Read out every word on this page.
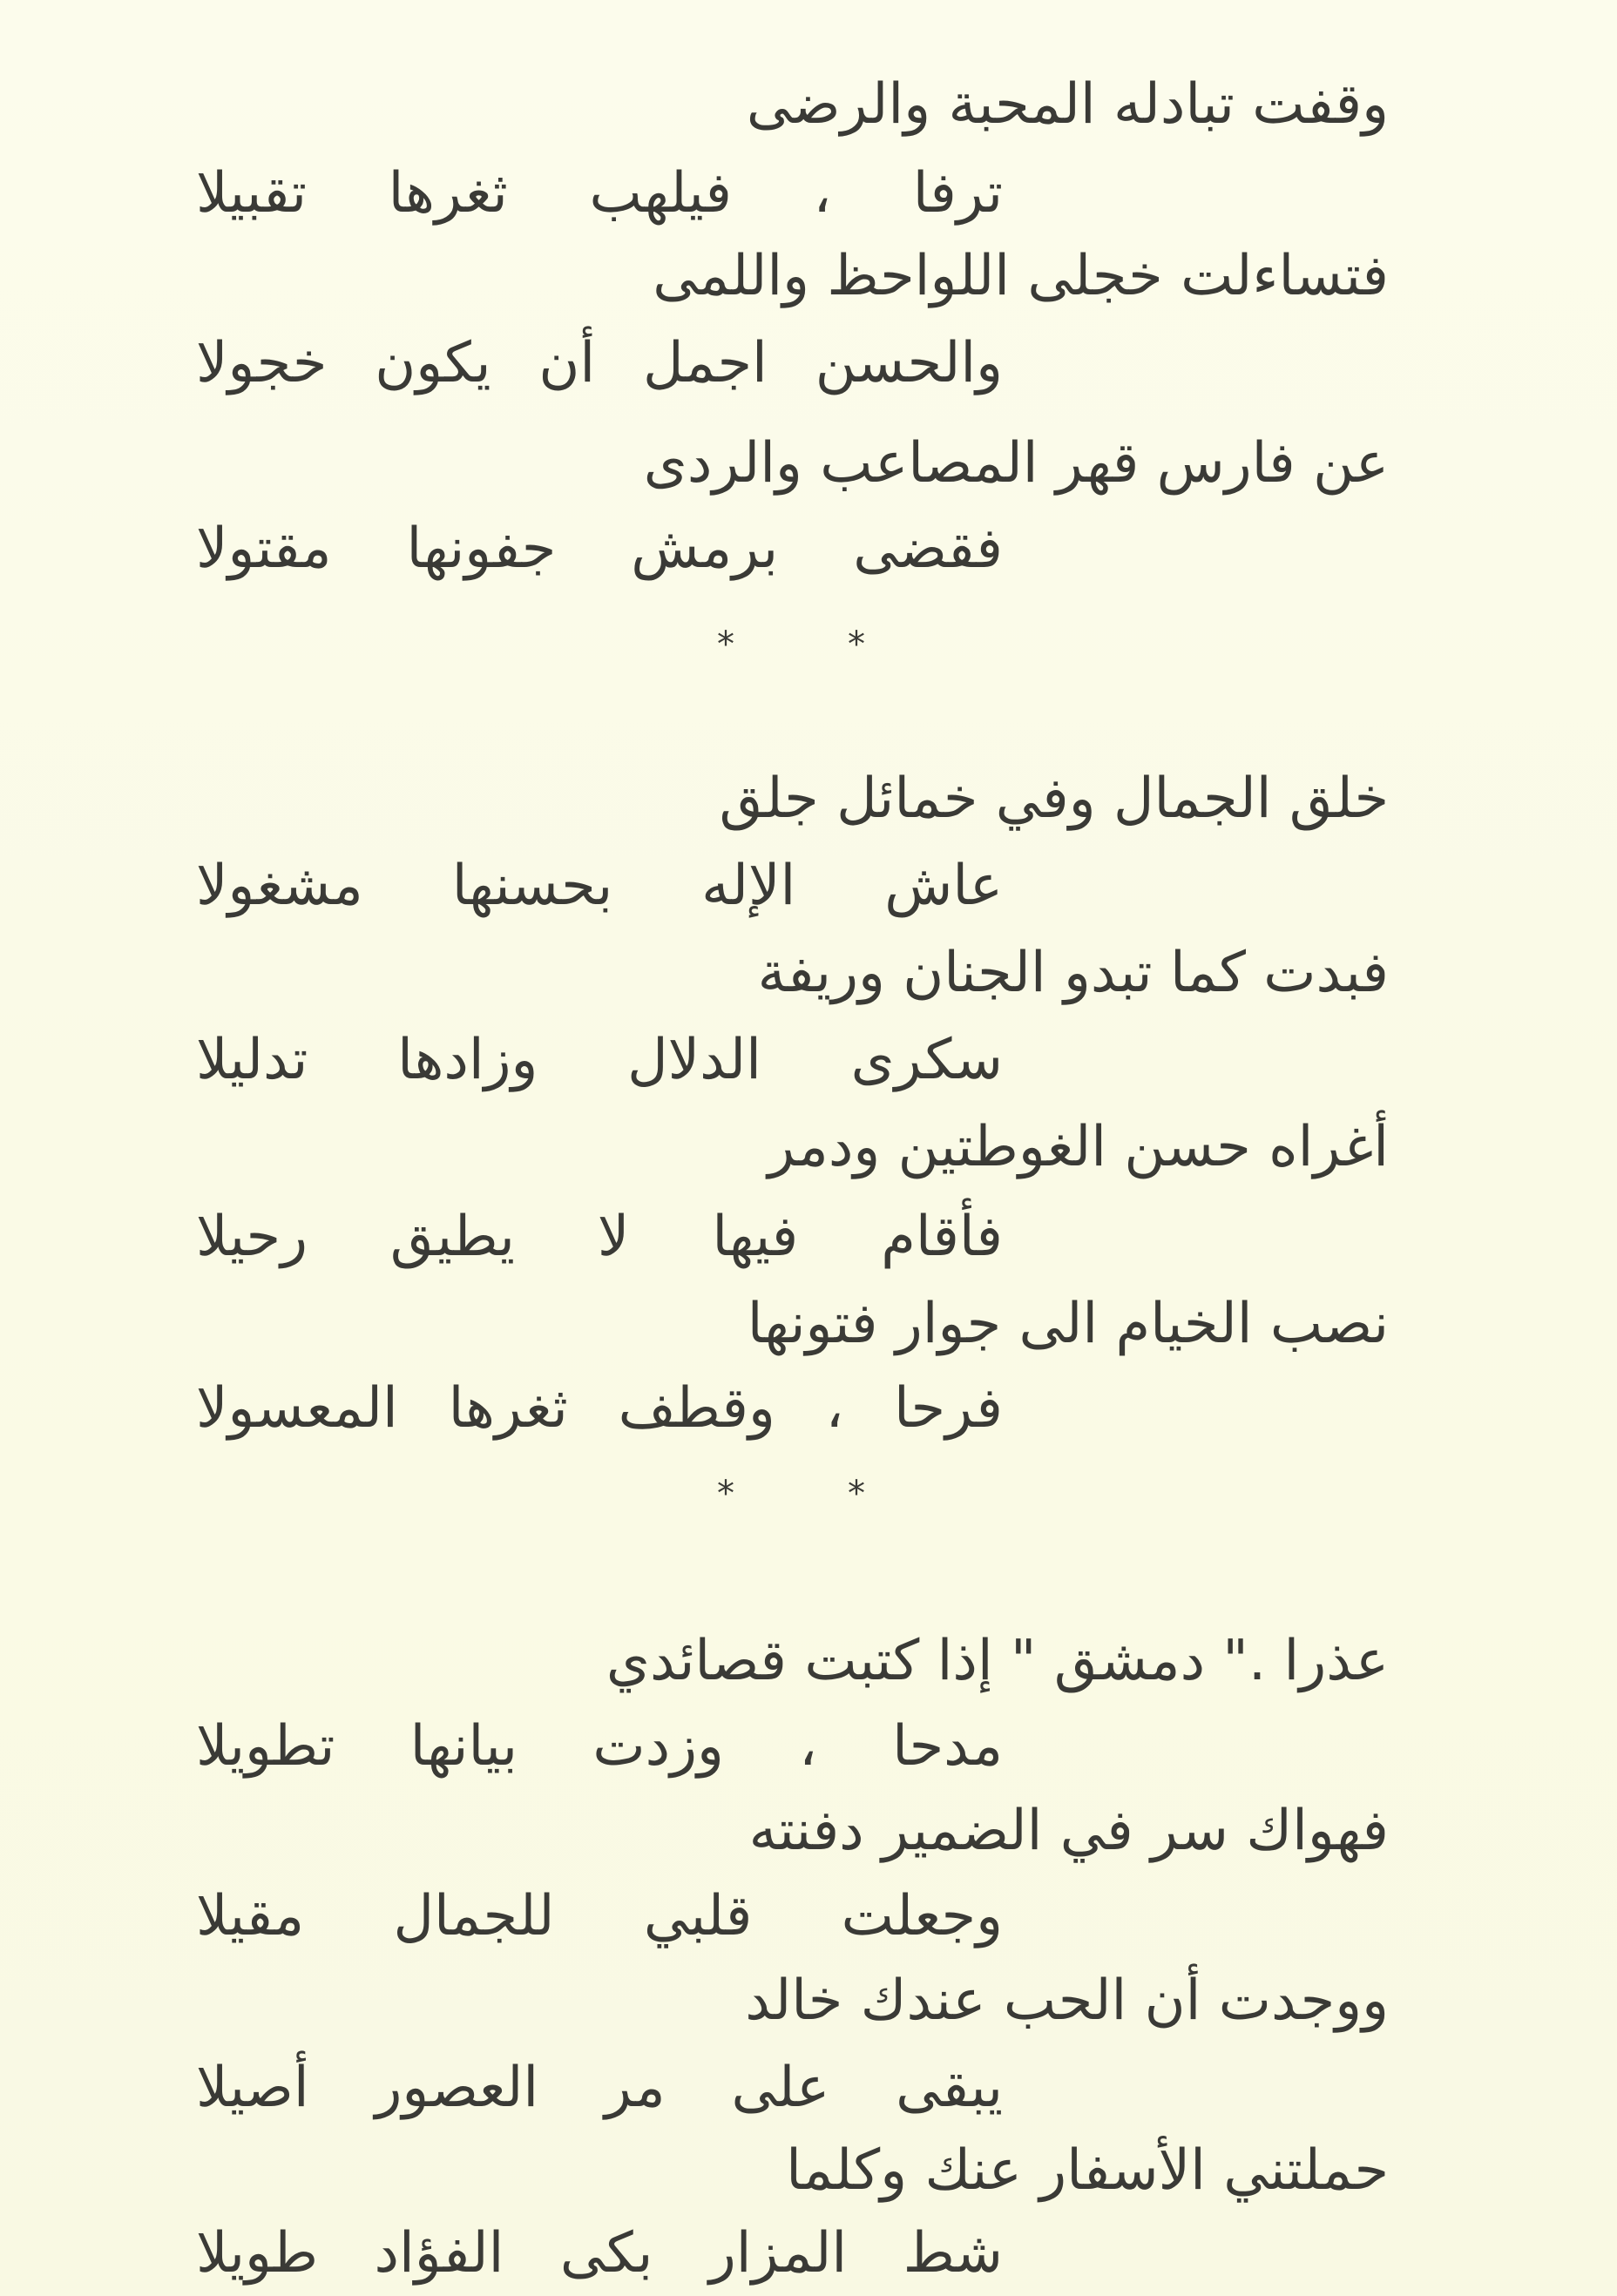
وقفت تبادله المحبة والرضى
ترفا ، فيلهب ثغرها تقبيلا
فتساءلت خجلى اللواحظ واللمى
والحسن اجمل أن يكون خجولا
عن فارس قهر المصاعب والردى
فقضى برمش جفونها مقتولا
*	*
خلق الجمال وفي خمائل جلق
عاش الإله بحسنها مشغولا
فبدت كما تبدو الجنان وريفة
سكرى الدلال وزادها تدليلا
أغراه حسن الغوطتين ودمر
فأقام فيها لا يطيق رحيلا
نصب الخيام الى جوار فتونها
فرحا ، وقطف ثغرها المعسولا
*	*
عذرا ." دمشق " إذا كتبت قصائدي
مدحا ، وزدت بيانها تطويلا
فهواك سر في الضمير دفنته
وجعلت قلبي للجمال مقيلا
ووجدت أن الحب عندك خالد
يبقى على مر العصور أصيلا
حملتني الأسفار عنك وكلما
شط المزار بكى الفؤاد طويلا
